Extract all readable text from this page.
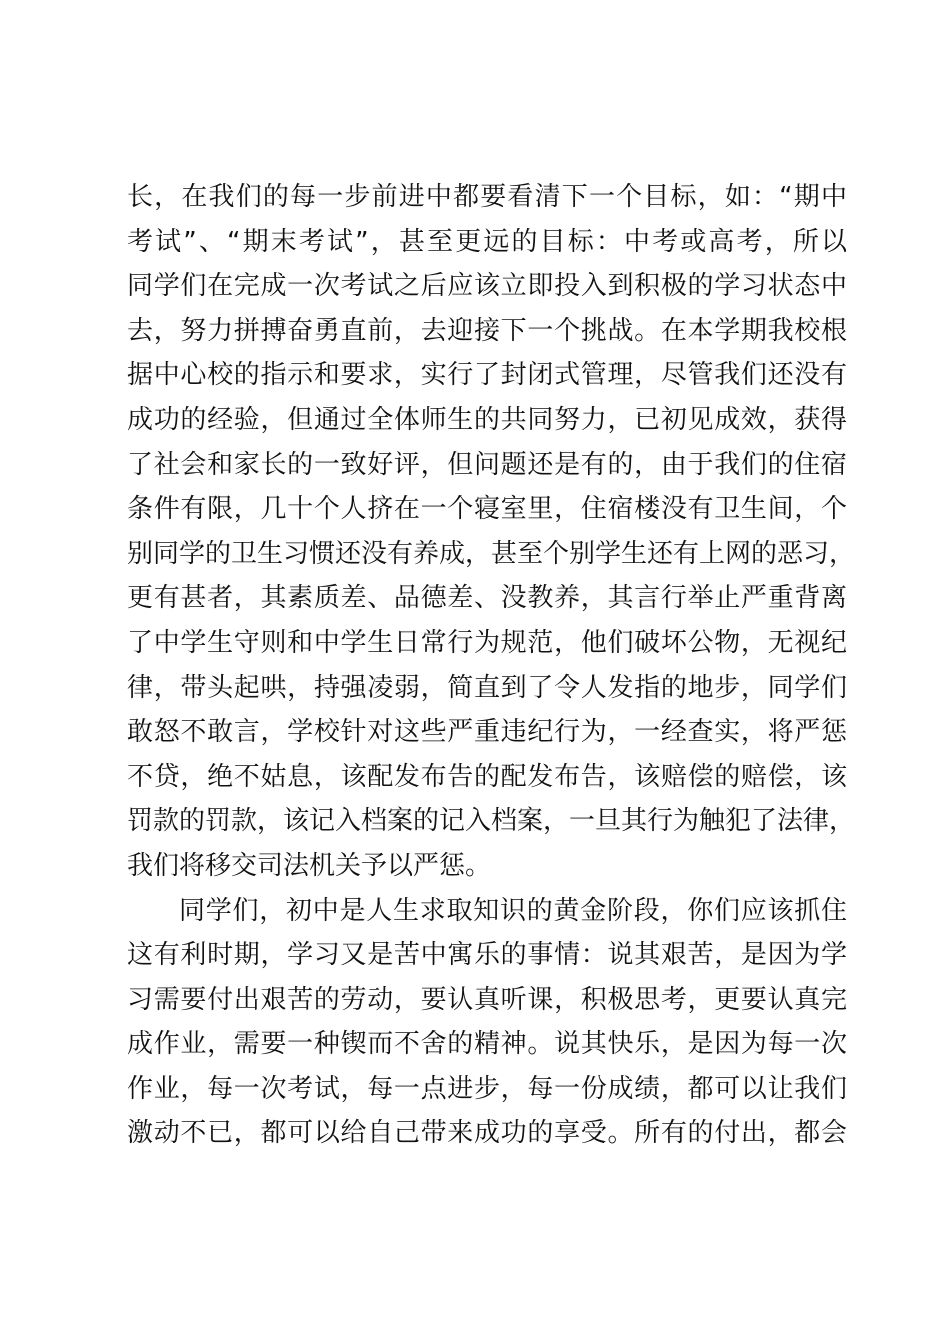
长，在我们的每一步前进中都要看清下一个目标，如：“期中
考试”、“期末考试”，甚至更远的目标：中考或高考，所以
同学们在完成一次考试之后应该立即投入到积极的学习状态中
去，努力拼搏奋勇直前，去迎接下一个挑战。在本学期我校根
据中心校的指示和要求，实行了封闭式管理，尽管我们还没有
成功的经验，但通过全体师生的共同努力，已初见成效，获得
了社会和家长的一致好评，但问题还是有的，由于我们的住宿
条件有限，几十个人挤在一个寝室里，住宿楼没有卫生间，个
别同学的卫生习惯还没有养成，甚至个别学生还有上网的恶习，
更有甚者，其素质差、品德差、没教养，其言行举止严重背离
了中学生守则和中学生日常行为规范，他们破坏公物，无视纪
律，带头起哄，持强凌弱，简直到了令人发指的地步，同学们
敢怒不敢言，学校针对这些严重违纪行为，一经查实，将严惩
不贷，绝不姑息，该配发布告的配发布告，该赔偿的赔偿，该
罚款的罚款，该记入档案的记入档案，一旦其行为触犯了法律，
我们将移交司法机关予以严惩。
同学们，初中是人生求取知识的黄金阶段，你们应该抓住
这有利时期，学习又是苦中寓乐的事情：说其艰苦，是因为学
习需要付出艰苦的劳动，要认真听课，积极思考，更要认真完
成作业，需要一种锲而不舍的精神。说其快乐，是因为每一次
作业，每一次考试，每一点进步，每一份成绩，都可以让我们
激动不已，都可以给自己带来成功的享受。所有的付出，都会
